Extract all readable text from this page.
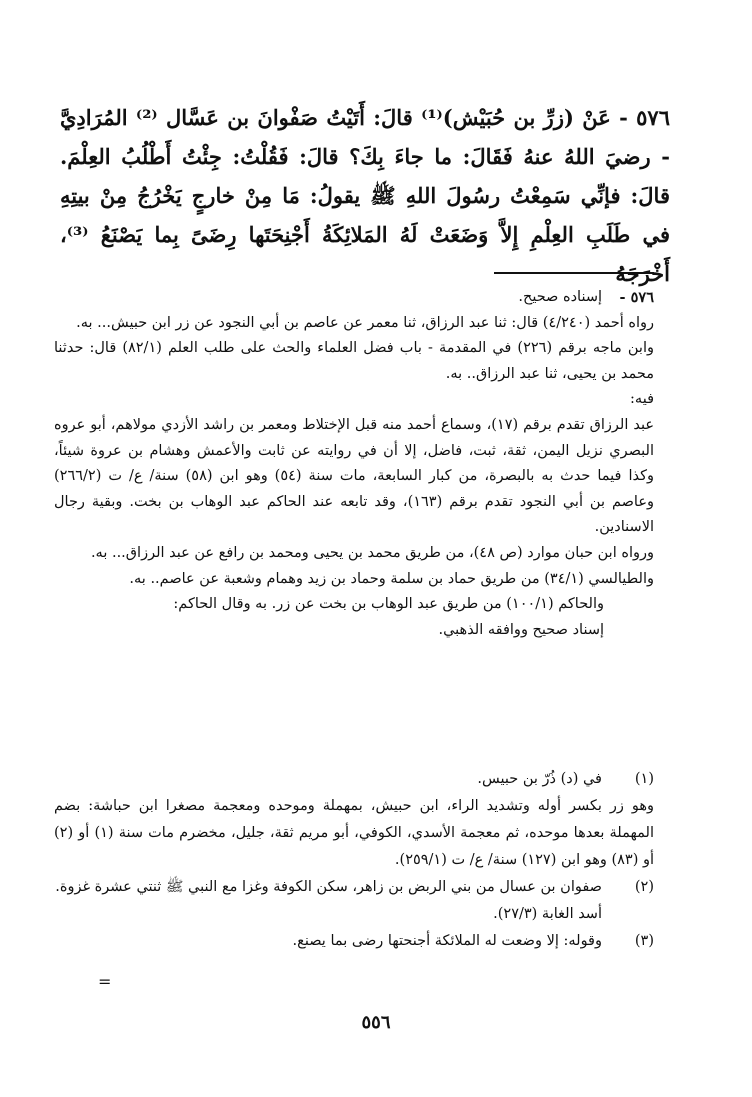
٥٧٦ - عَنْ (زرِّ بن حُبَيْش)⁽¹⁾ قالَ: أَتَيْتُ صَفْوانَ بن عَسَّال ⁽²⁾ المُرَادِيَّ - رضيَ اللهُ عنهُ فَقَالَ: ما جاءَ بِكَ؟ قالَ: فَقُلْتُ: جِئْتُ أَطْلُبُ العِلْمَ. قالَ: فإنِّي سَمِعْتُ رسُولَ اللهِ ﷺ يقولُ: مَا مِنْ خارجٍ يَخْرُجُ مِنْ بيتِهِ في طَلَبِ العِلْمِ إِلاَّ وَضَعَتْ لَهُ المَلائِكَةُ أَجْنِحَتَها رِضَىً بِما يَصْنَعُ ⁽³⁾، أَخْرَجَهُ
٥٧٦ -
إسناده صحيح.

رواه أحمد (٤/٢٤٠) قال: ثنا عبد الرزاق، ثنا معمر عن عاصم بن أبي النجود عن زر ابن حبيش... به.

وابن ماجه برقم (٢٢٦) في المقدمة - باب فضل العلماء والحث على طلب العلم (٨٢/١) قال: حدثنا محمد بن يحيى، ثنا عبد الرزاق.. به.

فيه:

عبد الرزاق تقدم برقم (١٧)، وسماع أحمد منه قبل الإختلاط ومعمر بن راشد الأزدي مولاهم، أبو عروه البصري نزيل اليمن، ثقة، ثبت، فاضل، إلا أن في روايته عن ثابت والأعمش وهشام بن عروة شيئاً، وكذا فيما حدث به بالبصرة، من كبار السابعة، مات سنة (٥٤) وهو ابن (٥٨) سنة/ ع/ ت (٢٦٦/٢) وعاصم بن أبي النجود تقدم برقم (١٦٣)، وقد تابعه عند الحاكم عبد الوهاب بن بخت. وبقية رجال الاسنادين.

ورواه ابن حبان موارد (ص ٤٨)، من طريق محمد بن يحيى ومحمد بن رافع عن عبد الرزاق... به.

والطيالسي (٣٤/١) من طريق حماد بن سلمة وحماد بن زيد وهمام وشعبة عن عاصم.. به.

والحاكم (١٠٠/١) من طريق عبد الوهاب بن بخت عن زر. به وقال الحاكم:

إسناد صحيح ووافقه الذهبي.

(١)

في (د) ذُرّ بن حبيس.

وهو زر بكسر أوله وتشديد الراء، ابن حبيش، بمهملة وموحده ومعجمة مصغرا ابن حباشة: بضم المهملة بعدها موحده، ثم معجمة الأسدي، الكوفي، أبو مريم ثقة، جليل، مخضرم مات سنة (١) أو (٢) أو (٨٣) وهو ابن (١٢٧) سنة/ ع/ ت (٢٥٩/١).

(٢)

صفوان بن عسال من بني الربض بن زاهر، سكن الكوفة وغزا مع النبي ﷺ ثنتي عشرة غزوة.

أسد الغابة (٢٧/٣).

(٣)

وقوله: إلا وضعت له الملائكة أجنحتها رضى بما يصنع.

=
٥٥٦
